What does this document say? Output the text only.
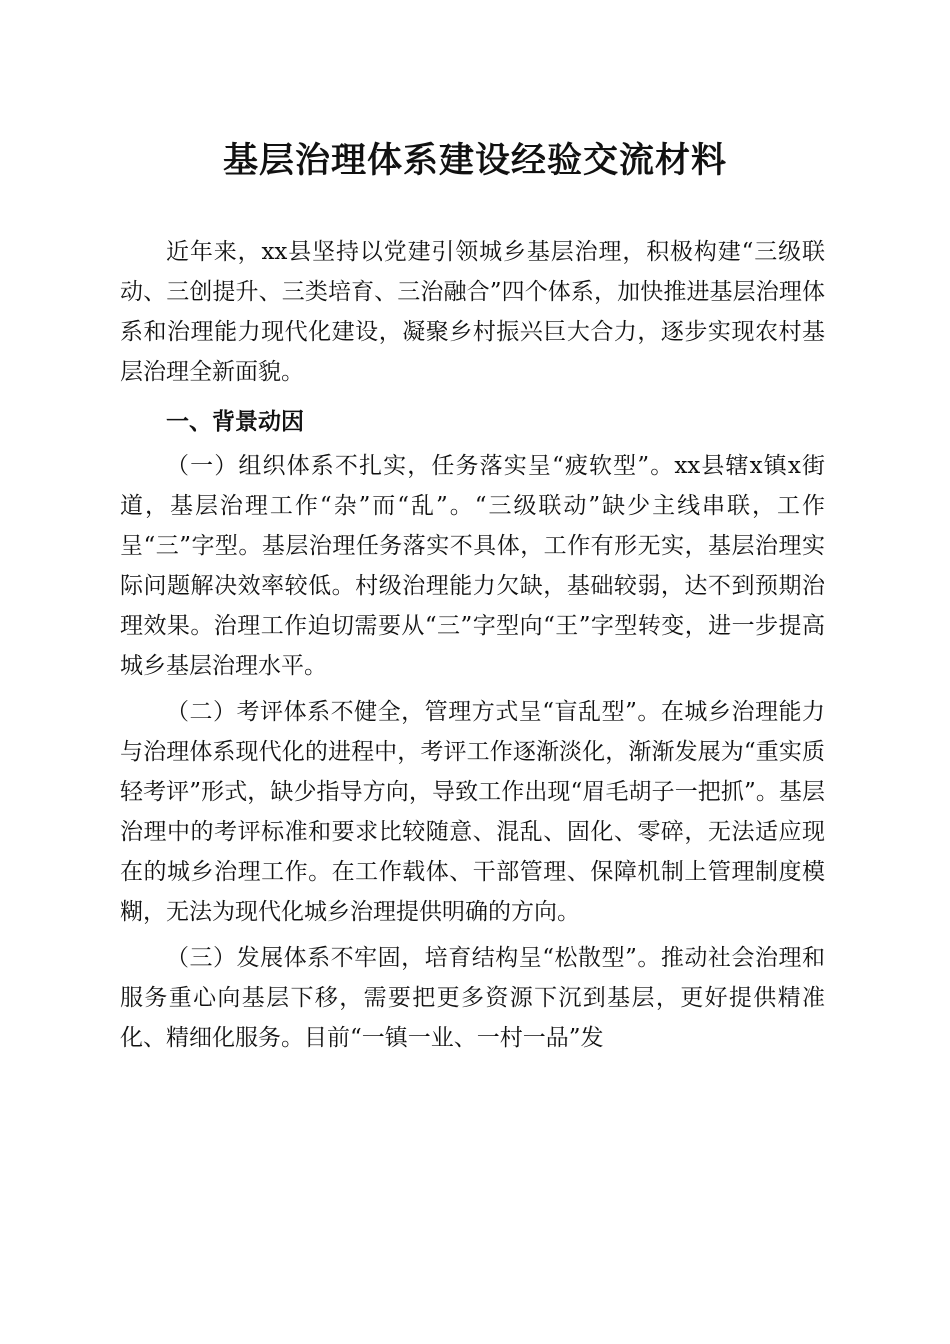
基层治理体系建设经验交流材料

近年来，xx县坚持以党建引领城乡基层治理，积极构建“三级联动、三创提升、三类培育、三治融合”四个体系，加快推进基层治理体系和治理能力现代化建设，凝聚乡村振兴巨大合力，逐步实现农村基层治理全新面貌。

一、背景动因

（一）组织体系不扎实，任务落实呈“疲软型”。xx县辖x镇x街道，基层治理工作“杂”而“乱”。“三级联动”缺少主线串联，工作呈“三”字型。基层治理任务落实不具体，工作有形无实，基层治理实际问题解决效率较低。村级治理能力欠缺，基础较弱，达不到预期治理效果。治理工作迫切需要从“三”字型向“王”字型转变，进一步提高城乡基层治理水平。

（二）考评体系不健全，管理方式呈“盲乱型”。在城乡治理能力与治理体系现代化的进程中，考评工作逐渐淡化，渐渐发展为“重实质轻考评”形式，缺少指导方向，导致工作出现“眉毛胡子一把抓”。基层治理中的考评标准和要求比较随意、混乱、固化、零碎，无法适应现在的城乡治理工作。在工作载体、干部管理、保障机制上管理制度模糊，无法为现代化城乡治理提供明确的方向。

（三）发展体系不牢固，培育结构呈“松散型”。推动社会治理和服务重心向基层下移，需要把更多资源下沉到基层，更好提供精准化、精细化服务。目前“一镇一业、一村一品”发
